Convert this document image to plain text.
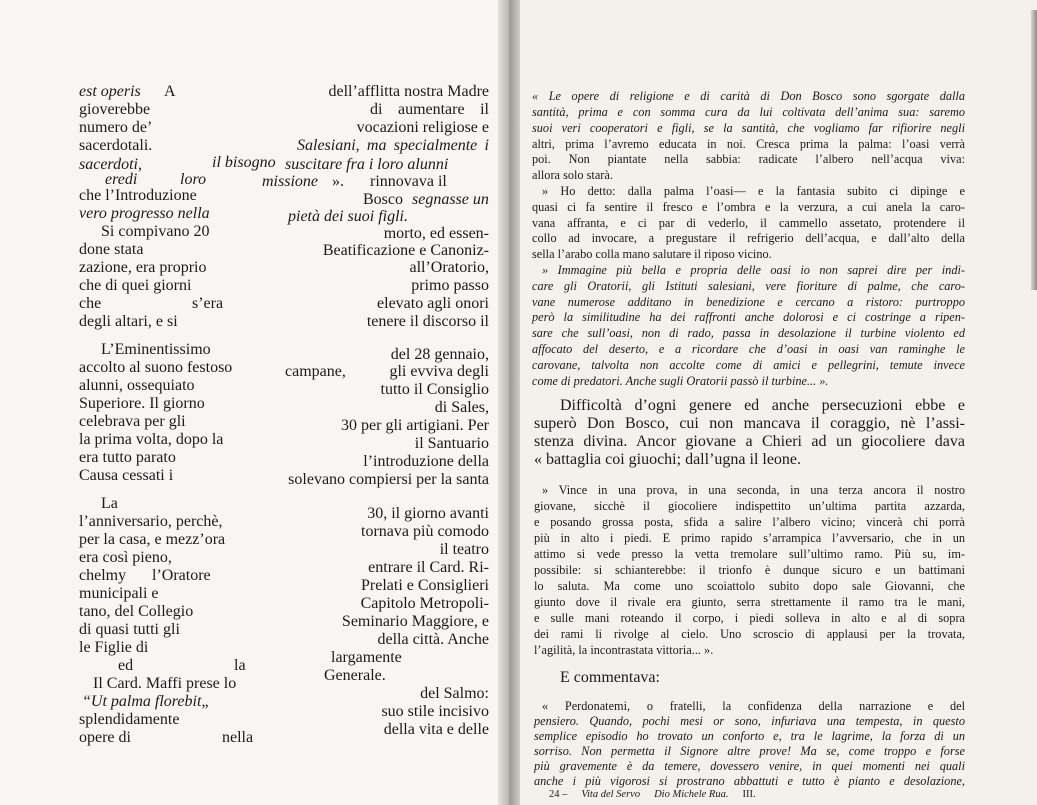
est operis A
gioverebbe
numero de’
sacerdotali.
sacerdoti,
eredi	loro
che l’Introduzione
vero progresso nella
Si compivano 20
done stata
zazione, era proprio
che di quei giorni
che	s’era
degli altari, e si
L’Eminentissimo
accolto al suono festoso
alunni, ossequiato
Superiore. Il giorno
celebrava per gli
la prima volta, dopo la
era tutto parato
Causa cessati i
La
l’anniversario, perchè,
per la casa, e mezz’ora
era così pieno,
chelmy l’Oratore
municipali e
tano, del Collegio
di quasi tutti gli
le Figlie di
ed	la
Il Card. Maffi prese lo
“Ut palma florebit„
splendidamente
opere di	nella
dell’afflitta nostra Madre
di aumentare il
vocazioni religiose e
Salesiani, ma specialmente i
il bisogno suscitare fra i loro alunni
missione ». rinnovava il
Bosco segnasse un
pietà dei suoi figli.
morto, ed essen-
Beatificazione e Canoniz-
all’Oratorio,
primo passo
elevato agli onori
tenere il discorso il
del 28 gennaio,
campane,	gli evviva degli
tutto il Consiglio
di Sales,
30 per gli artigiani. Per
il Santuario
l’introduzione della
solevano compiersi per la santa
30, il giorno avanti
tornava più comodo
il teatro
entrare il Card. Ri-
Prelati e Consiglieri
Capitolo Metropoli-
Seminario Maggiore, e
della città. Anche
largamente
Generale.
del Salmo:
suo stile incisivo
della vita e delle
« Le opere di religione e di carità di Don Bosco sono sgorgate dalla
santità, prima e con somma cura da lui coltivata dell’anima sua: saremo
suoi veri cooperatori e figli, se la santità, che vogliamo far rifiorire negli
altri, prima l’avremo educata in noi. Cresca prima la palma: l’oasi verrà
poi. Non piantate nella sabbia: radicate l’albero nell’acqua viva:
allora solo starà.
» Ho detto: dalla palma l’oasi— e la fantasia subito ci dipinge e
quasi ci fa sentire il fresco e l’ombra e la verzura, a cui anela la caro-
vana affranta, e ci par di vederlo, il cammello assetato, protendere il
collo ad invocare, a pregustare il refrigerio dell’acqua, e dall’alto della
sella l’arabo colla mano salutare il riposo vicino.
» Immagine più bella e propria delle oasi io non saprei dire per indi-
care gli Oratorii, gli Istituti salesiani, vere fioriture di palme, che caro-
vane numerose additano in benedizione e cercano a ristoro: purtroppo
però la similitudine ha dei raffronti anche dolorosi e ci costringe a ripen-
sare che sull’oasi, non di rado, passa in desolazione il turbine violento ed
affocato del deserto, e a ricordare che d’oasi in oasi van raminghe le
carovane, talvolta non accolte come di amici e pellegrini, temute invece
come di predatori. Anche sugli Oratorii passò il turbine... ».
Difficoltà d’ogni genere ed anche persecuzioni ebbe e
superò Don Bosco, cui non mancava il coraggio, nè l’assi-
stenza divina. Ancor giovane a Chieri ad un giocoliere dava
« battaglia coi giuochi; dall’ugna il leone.
» Vince in una prova, in una seconda, in una terza ancora il nostro
giovane, sicchè il giocoliere indispettito un’ultima partita azzarda,
e posando grossa posta, sfida a salire l’albero vicino; vincerà chi porrà
più in alto i piedi. E primo rapido s’arrampica l’avversario, che in un
attimo si vede presso la vetta tremolare sull’ultimo ramo. Più su, im-
possibile: si schianterebbe: il trionfo è dunque sicuro e un battimani
lo saluta. Ma come uno scoiattolo subito dopo sale Giovanni, che
giunto dove il rivale era giunto, serra strettamente il ramo tra le mani,
e sulle mani roteando il corpo, i piedi solleva in alto e al di sopra
dei rami li rivolge al cielo. Uno scroscio di applausi per la trovata,
l’agilità, la incontrastata vittoria... ».
E commentava:
« Perdonatemi, o fratelli, la confidenza della narrazione e del
pensiero. Quando, pochi mesi or sono, infuriava una tempesta, in questo
semplice episodio ho trovato un conforto e, tra le lagrime, la forza di un
sorriso. Non permetta il Signore altre prove! Ma se, come troppo e forse
più gravemente è da temere, dovessero venire, in quei momenti nei quali
anche i più vigorosi si prostrano abbattuti e tutto è pianto e desolazione,
24 – Vita del Servo Dio Michele Rua. III.
